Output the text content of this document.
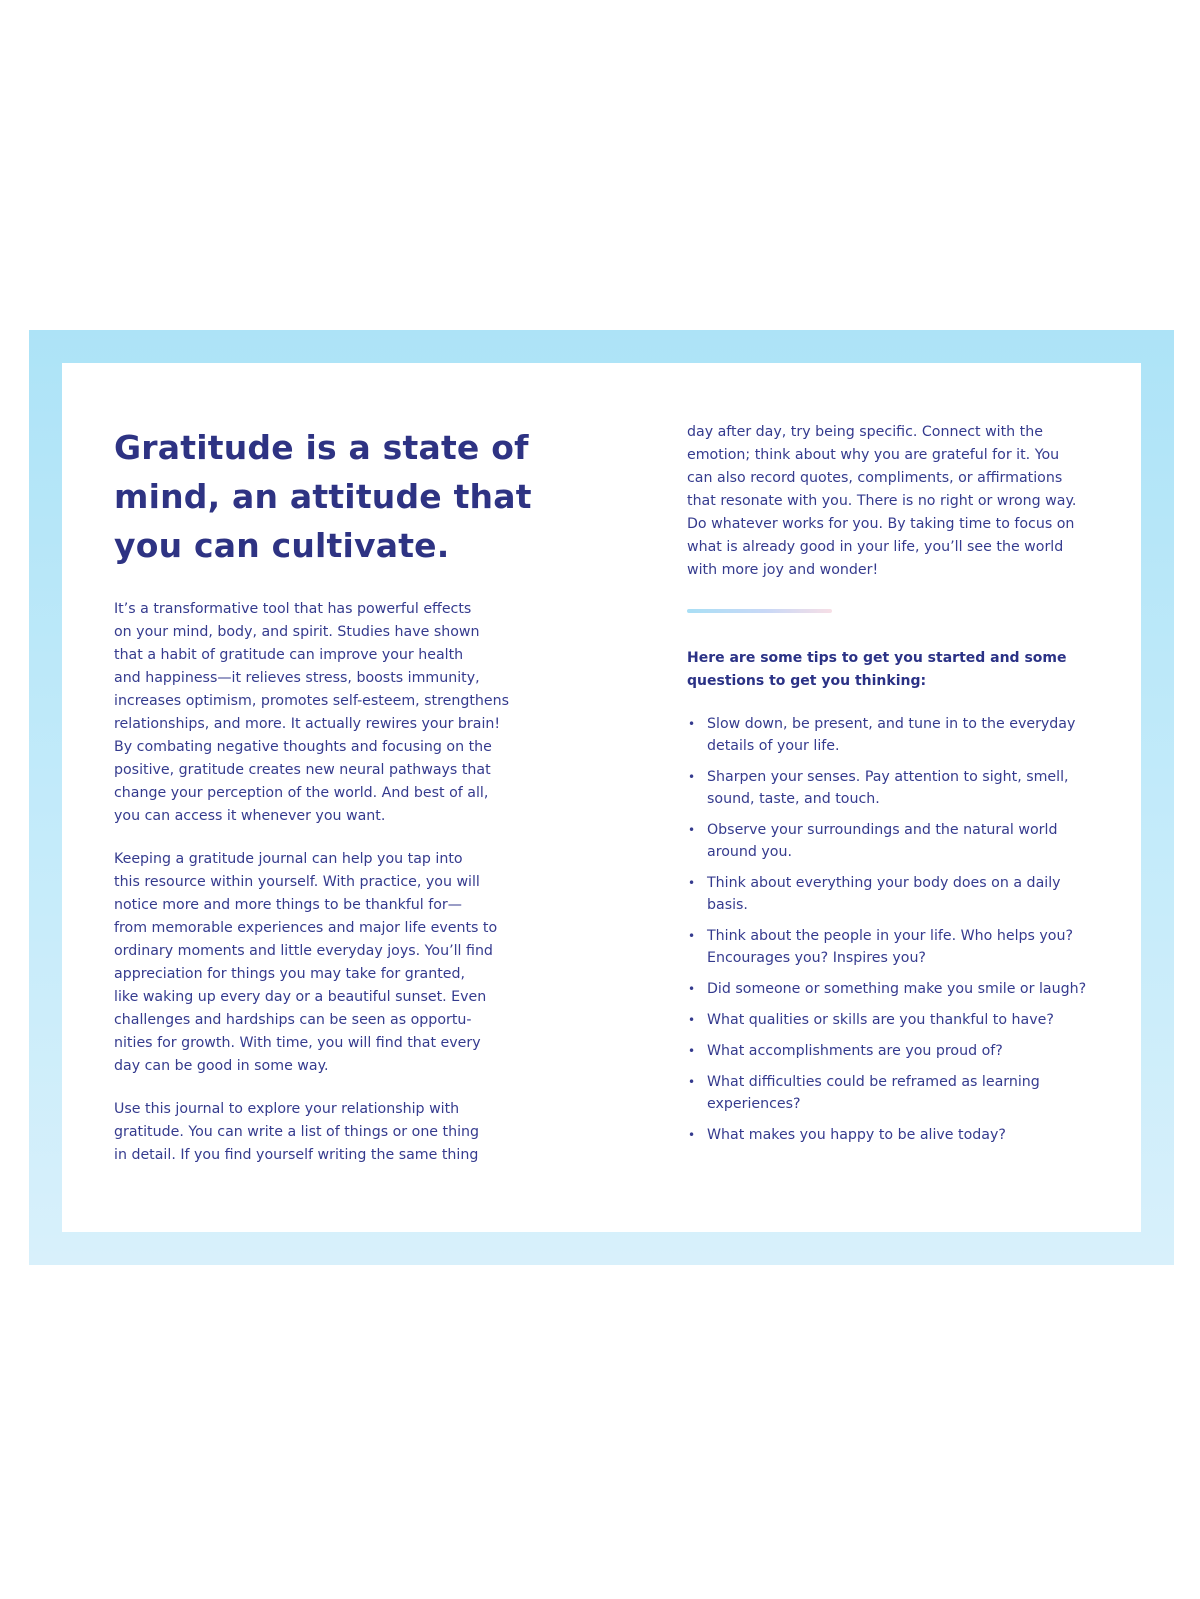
Gratitude is a state of
mind, an attitude that
you can cultivate.

It’s a transformative tool that has powerful effects
on your mind, body, and spirit. Studies have shown
that a habit of gratitude can improve your health
and happiness—it relieves stress, boosts immunity,
increases optimism, promotes self-esteem, strengthens
relationships, and more. It actually rewires your brain!
By combating negative thoughts and focusing on the
positive, gratitude creates new neural pathways that
change your perception of the world. And best of all,
you can access it whenever you want.

Keeping a gratitude journal can help you tap into
this resource within yourself. With practice, you will
notice more and more things to be thankful for—
from memorable experiences and major life events to
ordinary moments and little everyday joys. You’ll find
appreciation for things you may take for granted,
like waking up every day or a beautiful sunset. Even
challenges and hardships can be seen as opportu-
nities for growth. With time, you will find that every
day can be good in some way.

Use this journal to explore your relationship with
gratitude. You can write a list of things or one thing
in detail. If you find yourself writing the same thing

day after day, try being specific. Connect with the
emotion; think about why you are grateful for it. You
can also record quotes, compliments, or affirmations
that resonate with you. There is no right or wrong way.
Do whatever works for you. By taking time to focus on
what is already good in your life, you’ll see the world
with more joy and wonder!

Here are some tips to get you started and some
questions to get you thinking:

• Slow down, be present, and tune in to the everyday
details of your life.
• Sharpen your senses. Pay attention to sight, smell,
sound, taste, and touch.
• Observe your surroundings and the natural world
around you.
• Think about everything your body does on a daily
basis.
• Think about the people in your life. Who helps you?
Encourages you? Inspires you?
• Did someone or something make you smile or laugh?
• What qualities or skills are you thankful to have?
• What accomplishments are you proud of?
• What difficulties could be reframed as learning
experiences?
• What makes you happy to be alive today?
